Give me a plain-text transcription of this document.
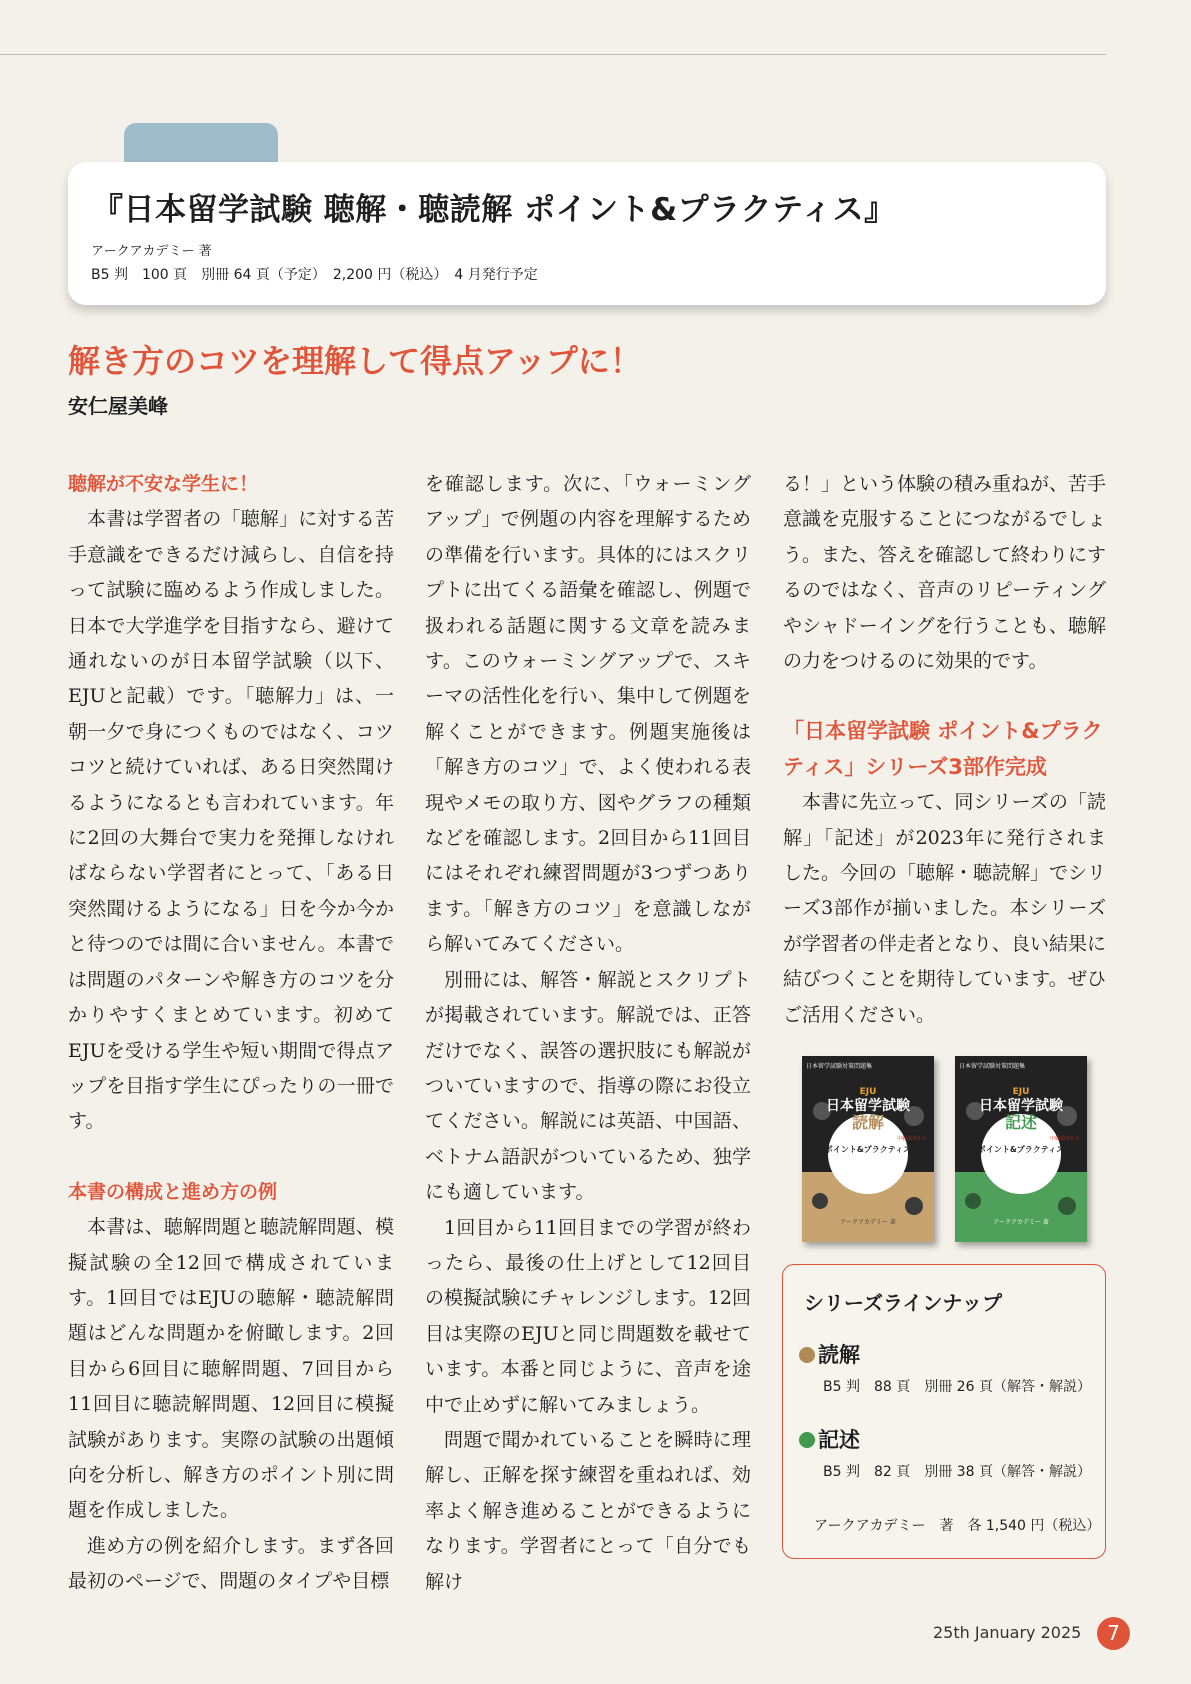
『日本留学試験 聴解・聴読解 ポイント&プラクティス』
アークアカデミー 著
B5 判　100 頁　別冊 64 頁（予定）　2,200 円（税込）　4 月発行予定
解き方のコツを理解して得点アップに！
安仁屋美峰
聴解が不安な学生に！

本書は学習者の「聴解」に対する苦手意識をできるだけ減らし、自信を持って試験に臨めるよう作成しました。日本で大学進学を目指すなら、避けて通れないのが日本留学試験（以下、EJUと記載）です。「聴解力」は、一朝一夕で身につくものではなく、コツコツと続けていれば、ある日突然聞けるようになるとも言われています。年に2回の大舞台で実力を発揮しなければならない学習者にとって、「ある日突然聞けるようになる」日を今か今かと待つのでは間に合いません。本書では問題のパターンや解き方のコツを分かりやすくまとめています。初めてEJUを受ける学生や短い期間で得点アップを目指す学生にぴったりの一冊です。

本書の構成と進め方の例

本書は、聴解問題と聴読解問題、模擬試験の全12回で構成されています。1回目ではEJUの聴解・聴読解問題はどんな問題かを俯瞰します。2回目から6回目に聴解問題、7回目から11回目に聴読解問題、12回目に模擬試験があります。実際の試験の出題傾向を分析し、解き方のポイント別に問題を作成しました。

進め方の例を紹介します。まず各回最初のページで、問題のタイプや目標

を確認します。次に、「ウォーミングアップ」で例題の内容を理解するための準備を行います。具体的にはスクリプトに出てくる語彙を確認し、例題で扱われる話題に関する文章を読みます。このウォーミングアップで、スキーマの活性化を行い、集中して例題を解くことができます。例題実施後は「解き方のコツ」で、よく使われる表現やメモの取り方、図やグラフの種類などを確認します。2回目から11回目にはそれぞれ練習問題が3つずつあります。「解き方のコツ」を意識しながら解いてみてください。

別冊には、解答・解説とスクリプトが掲載されています。解説では、正答だけでなく、誤答の選択肢にも解説がついていますので、指導の際にお役立てください。解説には英語、中国語、ベトナム語訳がついているため、独学にも適しています。

1回目から11回目までの学習が終わったら、最後の仕上げとして12回目の模擬試験にチャレンジします。12回目は実際のEJUと同じ問題数を載せています。本番と同じように、音声を途中で止めずに解いてみましょう。

問題で聞かれていることを瞬時に理解し、正解を探す練習を重ねれば、効率よく解き進めることができるようになります。学習者にとって「自分でも解け

る！」という体験の積み重ねが、苦手意識を克服することにつながるでしょう。また、答えを確認して終わりにするのではなく、音声のリピーティングやシャドーイングを行うことも、聴解の力をつけるのに効果的です。

「日本留学試験 ポイント&プラクティス」シリーズ3部作完成

本書に先立って、同シリーズの「読解」「記述」が2023年に発行されました。今回の「聴解・聴読解」でシリーズ3部作が揃いました。本シリーズが学習者の伴走者となり、良い結果に結びつくことを期待しています。ぜひご活用ください。

日本留学試験対策問題集
EJU
日本留学試験
読解
ポイント&プラクティス
中級前半から
アークアカデミー 著
日本留学試験対策問題集
EJU
日本留学試験
記述
ポイント&プラクティス
中級前半から
アークアカデミー 著
シリーズラインナップ
読解
B5 判　88 頁　別冊 26 頁（解答・解説）
記述
B5 判　82 頁　別冊 38 頁（解答・解説）
アークアカデミー　著　各 1,540 円（税込）
25th January 2025	7
